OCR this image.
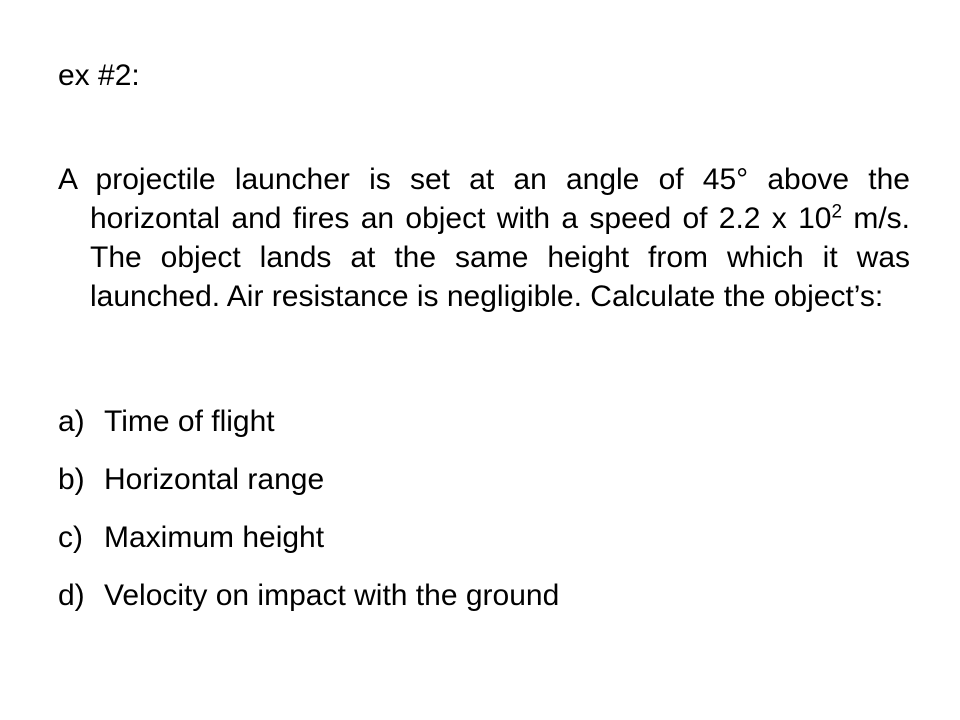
ex #2:
A projectile launcher is set at an angle of 45° above the horizontal and fires an object with a speed of 2.2 x $10^2$ m/s. The object lands at the same height from which it was launched. Air resistance is negligible. Calculate the object’s:
a) Time of flight
b) Horizontal range
c) Maximum height
d) Velocity on impact with the ground
